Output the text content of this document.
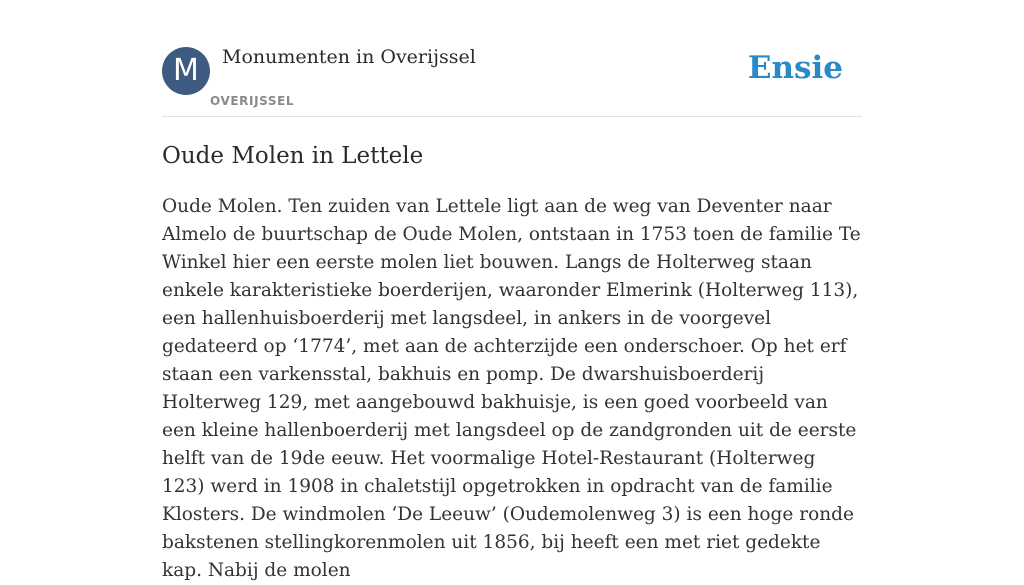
M	Monumenten in Overijssel
OVERIJSSEL
Ensie
Oude Molen in Lettele

Oude Molen. Ten zuiden van Lettele ligt aan de weg van Deventer naar Almelo de buurtschap de Oude Molen, ontstaan in 1753 toen de familie Te Winkel hier een eerste molen liet bouwen. Langs de Holterweg staan enkele karakteristieke boerderijen, waaronder Elmerink (Holterweg 113), een hallenhuisboerderij met langsdeel, in ankers in de voorgevel gedateerd op ‘1774’, met aan de achterzijde een onderschoer. Op het erf staan een varkensstal, bakhuis en pomp. De dwarshuisboerderij Holterweg 129, met aangebouwd bakhuisje, is een goed voorbeeld van een kleine hallenboerderij met langsdeel op de zandgronden uit de eerste helft van de 19de eeuw. Het voormalige Hotel-Restaurant (Holterweg 123) werd in 1908 in chaletstijl opgetrokken in opdracht van de familie Klosters. De windmolen ‘De Leeuw’ (Oudemolenweg 3) is een hoge ronde bakstenen stellingkorenmolen uit 1856, bij heeft een met riet gedekte kap. Nabij de molen
